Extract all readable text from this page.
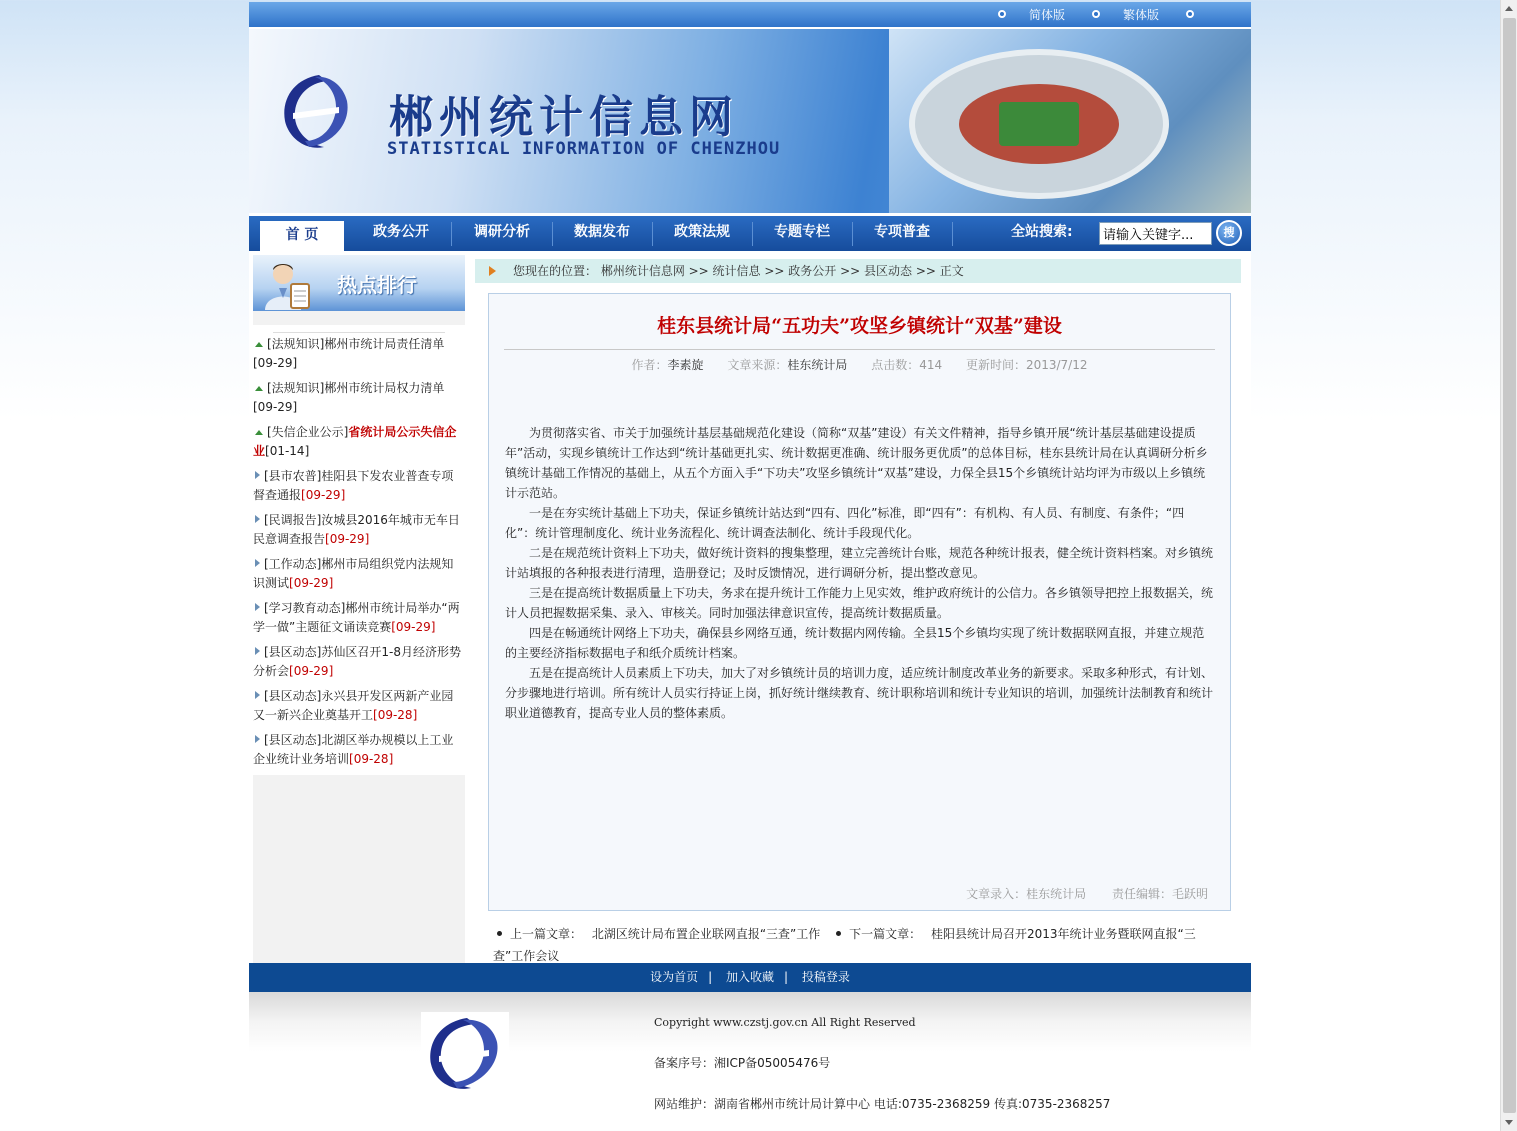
简体版	繁体版
郴州统计信息网
STATISTICAL INFORMATION OF CHENZHOU
首 页	政务公开	调研分析	数据发布	政策法规	专题专栏	专项普查	全站搜索:
请输入关键字...	搜
热点排行
[法规知识]郴州市统计局责任清单[09-29]
[法规知识]郴州市统计局权力清单[09-29]
[失信企业公示]省统计局公示失信企业[01-14]
[县市农普]桂阳县下发农业普查专项督查通报[09-29]
[民调报告]汝城县2016年城市无车日民意调查报告[09-29]
[工作动态]郴州市局组织党内法规知识测试[09-29]
[学习教育动态]郴州市统计局举办“两学一做”主题征文诵读竞赛[09-29]
[县区动态]苏仙区召开1-8月经济形势分析会[09-29]
[县区动态]永兴县开发区两新产业园又一新兴企业奠基开工[09-28]
[县区动态]北湖区举办规模以上工业企业统计业务培训[09-28]
您现在的位置： 郴州统计信息网 >> 统计信息 >> 政务公开 >> 县区动态 >> 正文
桂东县统计局“五功夫”攻坚乡镇统计“双基”建设
作者：李素旋 文章来源：桂东统计局 点击数：414 更新时间：2013/7/12

　　为贯彻落实省、市关于加强统计基层基础规范化建设（简称“双基”建设）有关文件精神，指导乡镇开展“统计基层基础建设提质年”活动，实现乡镇统计工作达到“统计基础更扎实、统计数据更准确、统计服务更优质”的总体目标，桂东县统计局在认真调研分析乡镇统计基础工作情况的基础上，从五个方面入手“下功夫”攻坚乡镇统计“双基”建设，力保全县15个乡镇统计站均评为市级以上乡镇统计示范站。

　　一是在夯实统计基础上下功夫，保证乡镇统计站达到“四有、四化”标准，即“四有”：有机构、有人员、有制度、有条件；“四化”：统计管理制度化、统计业务流程化、统计调查法制化、统计手段现代化。

　　二是在规范统计资料上下功夫，做好统计资料的搜集整理，建立完善统计台账，规范各种统计报表，健全统计资料档案。对乡镇统计站填报的各种报表进行清理，造册登记；及时反馈情况，进行调研分析，提出整改意见。

　　三是在提高统计数据质量上下功夫，务求在提升统计工作能力上见实效，维护政府统计的公信力。各乡镇领导把控上报数据关，统计人员把握数据采集、录入、审核关。同时加强法律意识宣传，提高统计数据质量。

　　四是在畅通统计网络上下功夫，确保县乡网络互通，统计数据内网传输。全县15个乡镇均实现了统计数据联网直报，并建立规范的主要经济指标数据电子和纸介质统计档案。

　　五是在提高统计人员素质上下功夫，加大了对乡镇统计员的培训力度，适应统计制度改革业务的新要求。采取多种形式，有计划、分步骤地进行培训。所有统计人员实行持证上岗，抓好统计继续教育、统计职称培训和统计专业知识的培训，加强统计法制教育和统计职业道德教育，提高专业人员的整体素质。

文章录入：桂东统计局 责任编辑：毛跃明
上一篇文章： 北湖区统计局布置企业联网直报“三查”工作 下一篇文章： 桂阳县统计局召开2013年统计业务暨联网直报“三查”工作会议
设为首页 | 加入收藏 | 投稿登录
Copyright www.czstj.gov.cn All Right Reserved
备案序号：湘ICP备05005476号
网站维护：湖南省郴州市统计局计算中心 电话:0735-2368259 传真:0735-2368257
